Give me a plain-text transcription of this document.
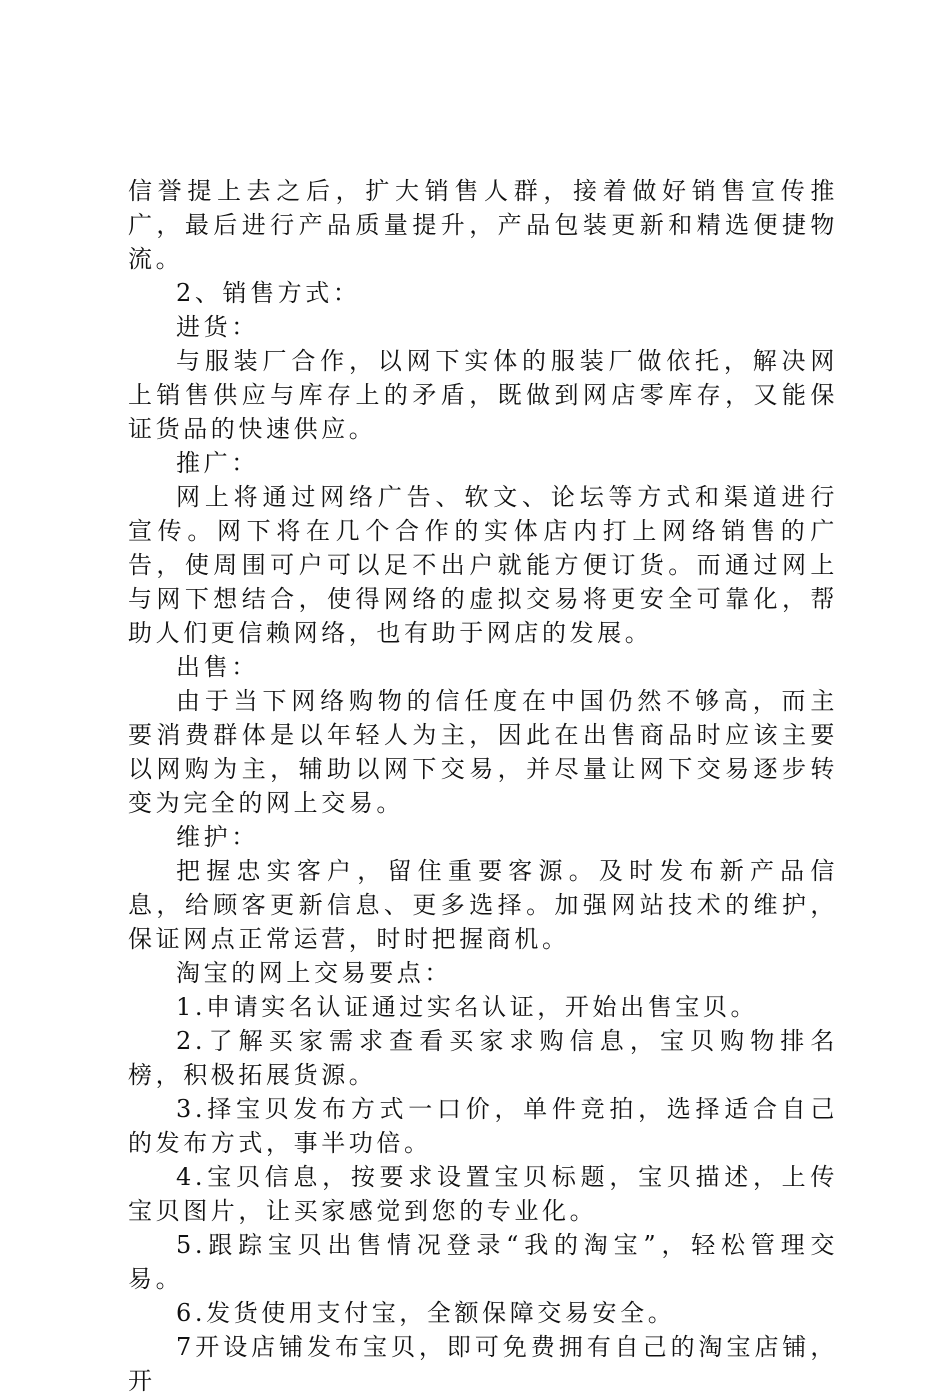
信誉提上去之后，扩大销售人群，接着做好销售宣传推广，最后进行产品质量提升，产品包装更新和精选便捷物流。

2、销售方式：

进货：

与服装厂合作，以网下实体的服装厂做依托，解决网上销售供应与库存上的矛盾，既做到网店零库存，又能保证货品的快速供应。

推广：

网上将通过网络广告、软文、论坛等方式和渠道进行宣传。网下将在几个合作的实体店内打上网络销售的广告，使周围可户可以足不出户就能方便订货。而通过网上与网下想结合，使得网络的虚拟交易将更安全可靠化，帮助人们更信赖网络，也有助于网店的发展。

出售：

由于当下网络购物的信任度在中国仍然不够高，而主要消费群体是以年轻人为主，因此在出售商品时应该主要以网购为主，辅助以网下交易，并尽量让网下交易逐步转变为完全的网上交易。

维护：

把握忠实客户，留住重要客源。及时发布新产品信息，给顾客更新信息、更多选择。加强网站技术的维护，保证网点正常运营，时时把握商机。

淘宝的网上交易要点：

1.申请实名认证通过实名认证，开始出售宝贝。

2.了解买家需求查看买家求购信息，宝贝购物排名榜，积极拓展货源。

3.择宝贝发布方式一口价，单件竞拍，选择适合自己的发布方式，事半功倍。

4.宝贝信息，按要求设置宝贝标题，宝贝描述，上传宝贝图片，让买家感觉到您的专业化。

5.跟踪宝贝出售情况登录“我的淘宝”，轻松管理交易。

6.发货使用支付宝，全额保障交易安全。

7开设店铺发布宝贝，即可免费拥有自己的淘宝店铺，开
